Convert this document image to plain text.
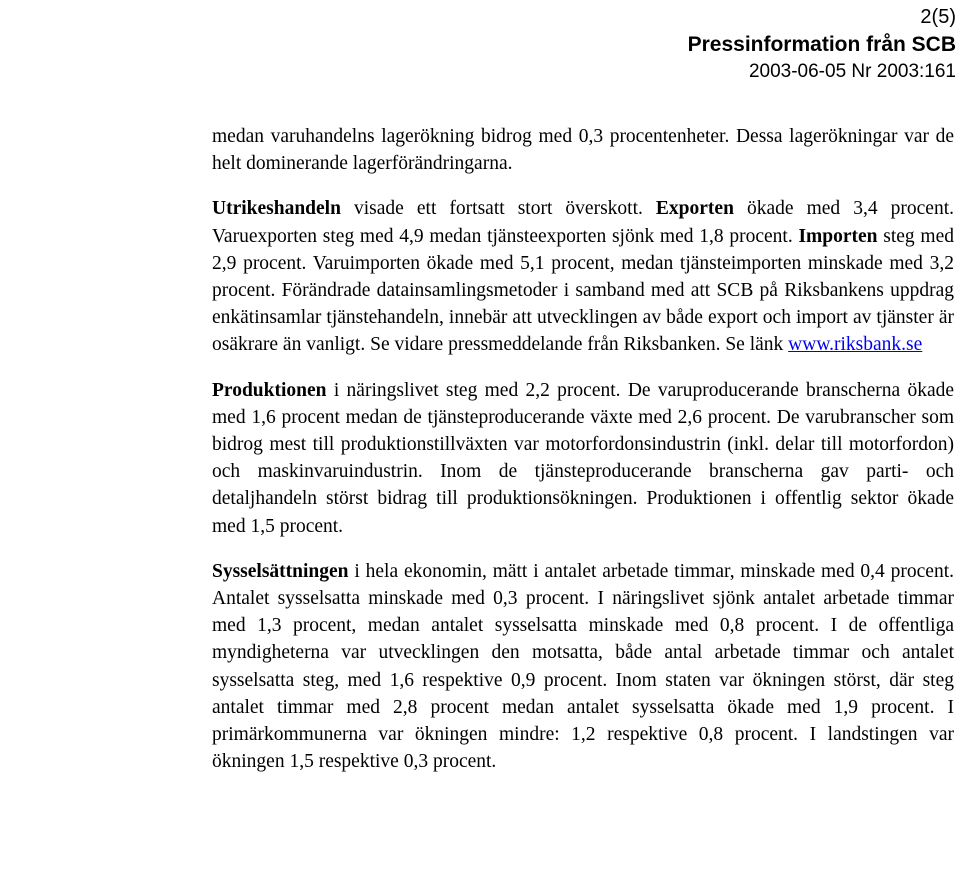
2(5)
Pressinformation från SCB
2003-06-05 Nr 2003:161

medan varuhandelns lagerökning bidrog med 0,3 procentenheter. Dessa lagerökningar var de helt dominerande lagerförändringarna.

Utrikeshandeln visade ett fortsatt stort överskott. Exporten ökade med 3,4 procent. Varuexporten steg med 4,9 medan tjänsteexporten sjönk med 1,8 procent. Importen steg med 2,9 procent. Varuimporten ökade med 5,1 procent, medan tjänsteimporten minskade med 3,2 procent. Förändrade datainsamlingsmetoder i samband med att SCB på Riksbankens uppdrag enkätinsamlar tjänstehandeln, innebär att utvecklingen av både export och import av tjänster är osäkrare än vanligt. Se vidare pressmeddelande från Riksbanken. Se länk www.riksbank.se

Produktionen i näringslivet steg med 2,2 procent. De varuproducerande branscherna ökade med 1,6 procent medan de tjänsteproducerande växte med 2,6 procent. De varubranscher som bidrog mest till produktionstillväxten var motorfordonsindustrin (inkl. delar till motorfordon) och maskinvaruindustrin. Inom de tjänsteproducerande branscherna gav parti- och detaljhandeln störst bidrag till produktionsökningen. Produktionen i offentlig sektor ökade med 1,5 procent.

Sysselsättningen i hela ekonomin, mätt i antalet arbetade timmar, minskade med 0,4 procent. Antalet sysselsatta minskade med 0,3 procent. I näringslivet sjönk antalet arbetade timmar med 1,3 procent, medan antalet sysselsatta minskade med 0,8 procent. I de offentliga myndigheterna var utvecklingen den motsatta, både antal arbetade timmar och antalet sysselsatta steg, med 1,6 respektive 0,9 procent. Inom staten var ökningen störst, där steg antalet timmar med 2,8 procent medan antalet sysselsatta ökade med 1,9 procent. I primärkommunerna var ökningen mindre: 1,2 respektive 0,8 procent. I landstingen var ökningen 1,5 respektive 0,3 procent.
